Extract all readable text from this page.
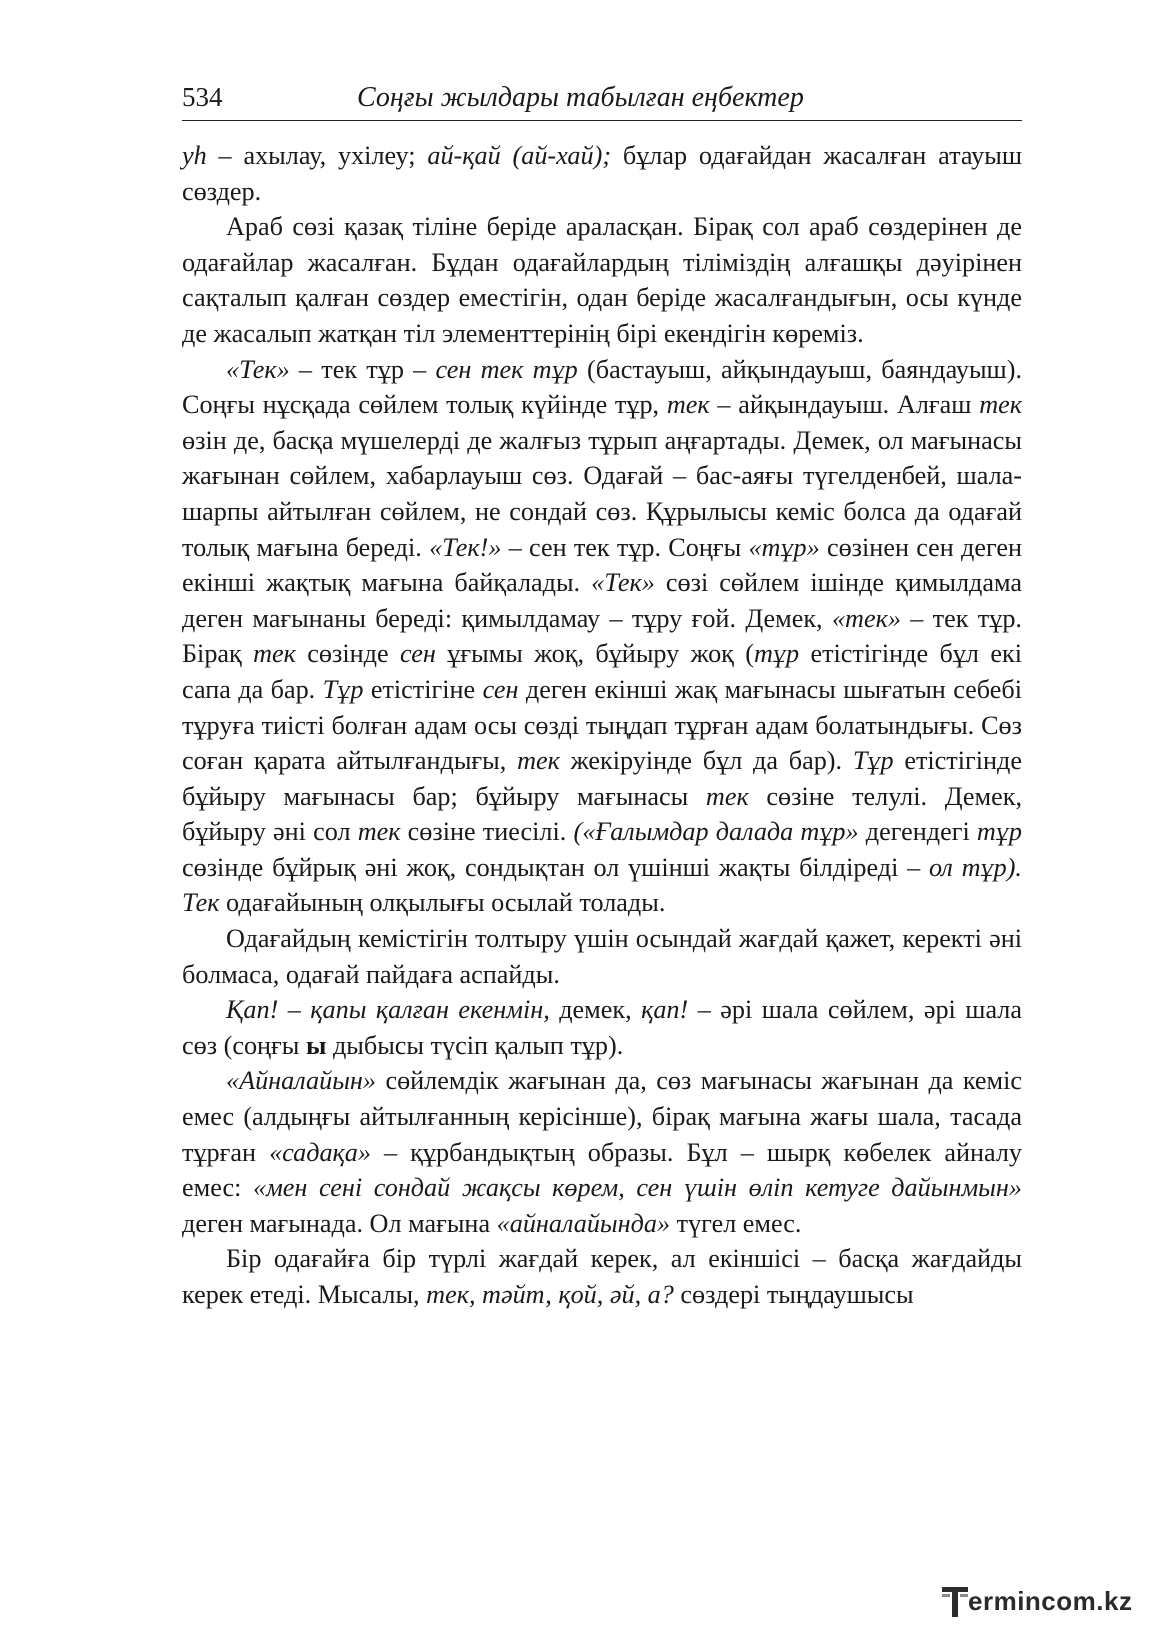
534	Соңғы жылдары табылған еңбектер

уһ – ахылау, ухілеу; ай-қай (ай-хай); бұлар одағайдан жасалған атауыш сөздер.

Араб сөзі қазақ тіліне беріде араласқан. Бірақ сол араб сөздерінен де одағайлар жасалған. Бұдан одағайлардың тіліміздің алғашқы дәуірінен сақталып қалған сөздер еместігін, одан беріде жасалғандығын, осы күнде де жасалып жатқан тіл элементтерінің бірі екендігін көреміз.

«Тек» – тек тұр – сен тек тұр (бастауыш, айқындауыш, баяндауыш). Соңғы нұсқада сөйлем толық күйінде тұр, тек – айқындауыш. Алғаш тек өзін де, басқа мүшелерді де жалғыз тұрып аңғартады. Демек, ол мағынасы жағынан сөйлем, хабарлауыш сөз. Одағай – бас-аяғы түгелденбей, шала-шарпы айтылған сөйлем, не сондай сөз. Құрылысы кеміс болса да одағай толық мағына береді. «Тек!» – сен тек тұр. Соңғы «тұр» сөзінен сен деген екінші жақтық мағына байқалады. «Тек» сөзі сөйлем ішінде қимылдама деген мағынаны береді: қимылдамау – тұру ғой. Демек, «тек» – тек тұр. Бірақ тек сөзінде сен ұғымы жоқ, бұйыру жоқ (тұр етістігінде бұл екі сапа да бар. Тұр етістігіне сен деген екінші жақ мағынасы шығатын себебі тұруға тиісті болған адам осы сөзді тыңдап тұрған адам болатындығы. Сөз соған қарата айтылғандығы, тек жекіруінде бұл да бар). Тұр етістігінде бұйыру мағынасы бар; бұйыру мағынасы тек сөзіне телулі. Демек, бұйыру әні сол тек сөзіне тиесілі. («Ғалымдар далада тұр» дегендегі тұр сөзінде бұйрық әні жоқ, сондықтан ол үшінші жақты білдіреді – ол тұр). Тек одағайының олқылығы осылай толады.

Одағайдың кемістігін толтыру үшін осындай жағдай қажет, керекті әні болмаса, одағай пайдаға аспайды.

Қап! – қапы қалған екенмін, демек, қап! – әрі шала сөйлем, әрі шала сөз (соңғы ы дыбысы түсіп қалып тұр).

«Айналайын» сөйлемдік жағынан да, сөз мағынасы жағынан да кеміс емес (алдыңғы айтылғанның керісінше), бірақ мағына жағы шала, тасада тұрған «садақа» – құрбандықтың образы. Бұл – шырқ көбелек айналу емес: «мен сені сондай жақсы көрем, сен үшін өліп кетуге дайынмын» деген мағынада. Ол мағына «айналайында» түгел емес.

Бір одағайға бір түрлі жағдай керек, ал екіншісі – басқа жағдайды керек етеді. Мысалы, тек, тәйт, қой, әй, а? сөздері тыңдаушысы

ermincоm.kz
